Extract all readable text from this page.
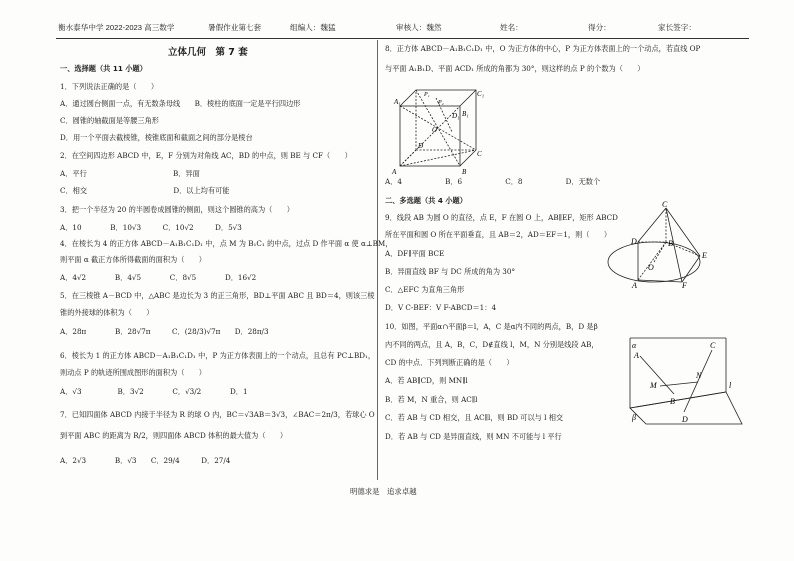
衡水泰华中学 2022-2023 高三数学	暑假作业第七套	组编人：魏猛	审核人：魏然	姓名：	得分：	家长签字：
立体几何　第 7 套
一、选择题（共 11 小题）
1．下列说法正确的是（　　）
A．通过圆台侧面一点，有无数条母线　　B．棱柱的底面一定是平行四边形
C．圆锥的轴截面是等腰三角形
D．用一个平面去截棱锥，棱锥底面和截面之间的部分是棱台
2．在空间四边形 ABCD 中，E，F 分别为对角线 AC，BD 的中点，则 BE 与 CF（　　）
A．平行　　　　　　　　　　　　B．异面
C．相交　　　　　　　　　　　　D．以上均有可能
3．把一个半径为 20 的半圆卷成圆锥的侧面，则这个圆锥的高为（　　）
A．10　　　　B．10√3　　　C．10√2　　　D．5√3
4．在棱长为 4 的正方体 ABCD－A₁B₁C₁D₁ 中，点 M 为 B₁C₁ 的中点，过点 D 作平面 α 使 α⊥BM，
则平面 α 截正方体所得截面的面积为（　　）
A．4√2　　　　B．4√5　　　　C．8√5　　　　D．16√2
5．在三棱锥 A－BCD 中，△ABC 是边长为 3 的正三角形，BD⊥平面 ABC 且 BD＝4，则该三棱
锥的外接球的体积为（　　）
A．28π　　　　B．28√7π　　　C．(28/3)√7π　　D．28π/3
6．棱长为 1 的正方体 ABCD－A₁B₁C₁D₁ 中，P 为正方体表面上的一个动点，且总有 PC⊥BD₁，
则动点 P 的轨迹所围成图形的面积为（　　）
A．√3　　　　　B．3√2　　　　C．√3/2　　　　D．1
7．已知四面体 ABCD 内接于半径为 R 的球 O 内，BC＝√3AB＝3√3，∠BAC＝2π/3，若球心 O
到平面 ABC 的距离为 R/2，则四面体 ABCD 体积的最大值为（　　）
A．2√3　　　　B．√3　　C．29/4　　　D．27/4
8．正方体 ABCD－A₁B₁C₁D₁ 中，O 为正方体的中心，P 为正方体表面上的一个动点，若直线 OP
与平面 A₁B₁D、平面 ACD₁ 所成的角都为 30°，则这样的点 P 的个数为（　　）
A．4　　　　　　B．6　　　　　　C．8　　　　　　D．无数个
二、多选题（共 4 小题）
9．线段 AB 为圆 O 的直径，点 E，F 在圆 O 上，AB∥EF，矩形 ABCD
所在平面和圆 O 所在平面垂直，且 AB＝2，AD＝EF＝1，则（　　）
A．DF∥平面 BCE
B．异面直线 BF 与 DC 所成的角为 30°
C．△EFC 为直角三角形
D．V C-BEF：V F-ABCD＝1：4
10．如图，平面α∩平面β＝l，A，C 是α内不同的两点，B，D 是β
内不同的两点，且 A，B，C，D∉直线 l，M，N 分别是线段 AB，
CD 的中点．下列判断正确的是（　　）
A．若 AB∥CD，则 MN∥l
B．若 M，N 重合，则 AC∥l
C．若 AB 与 CD 相交，且 AC∥l，则 BD 可以与 l 相交
D．若 AB 与 CD 是异面直线，则 MN 不可能与 l 平行
A₁
B₁
C₁
D₁
A	B
C
D
O
P₁
P₂
C
D	B
E
F
A
O
α
β
l
A
B
C
D
M
N
明德求是　追求卓越
